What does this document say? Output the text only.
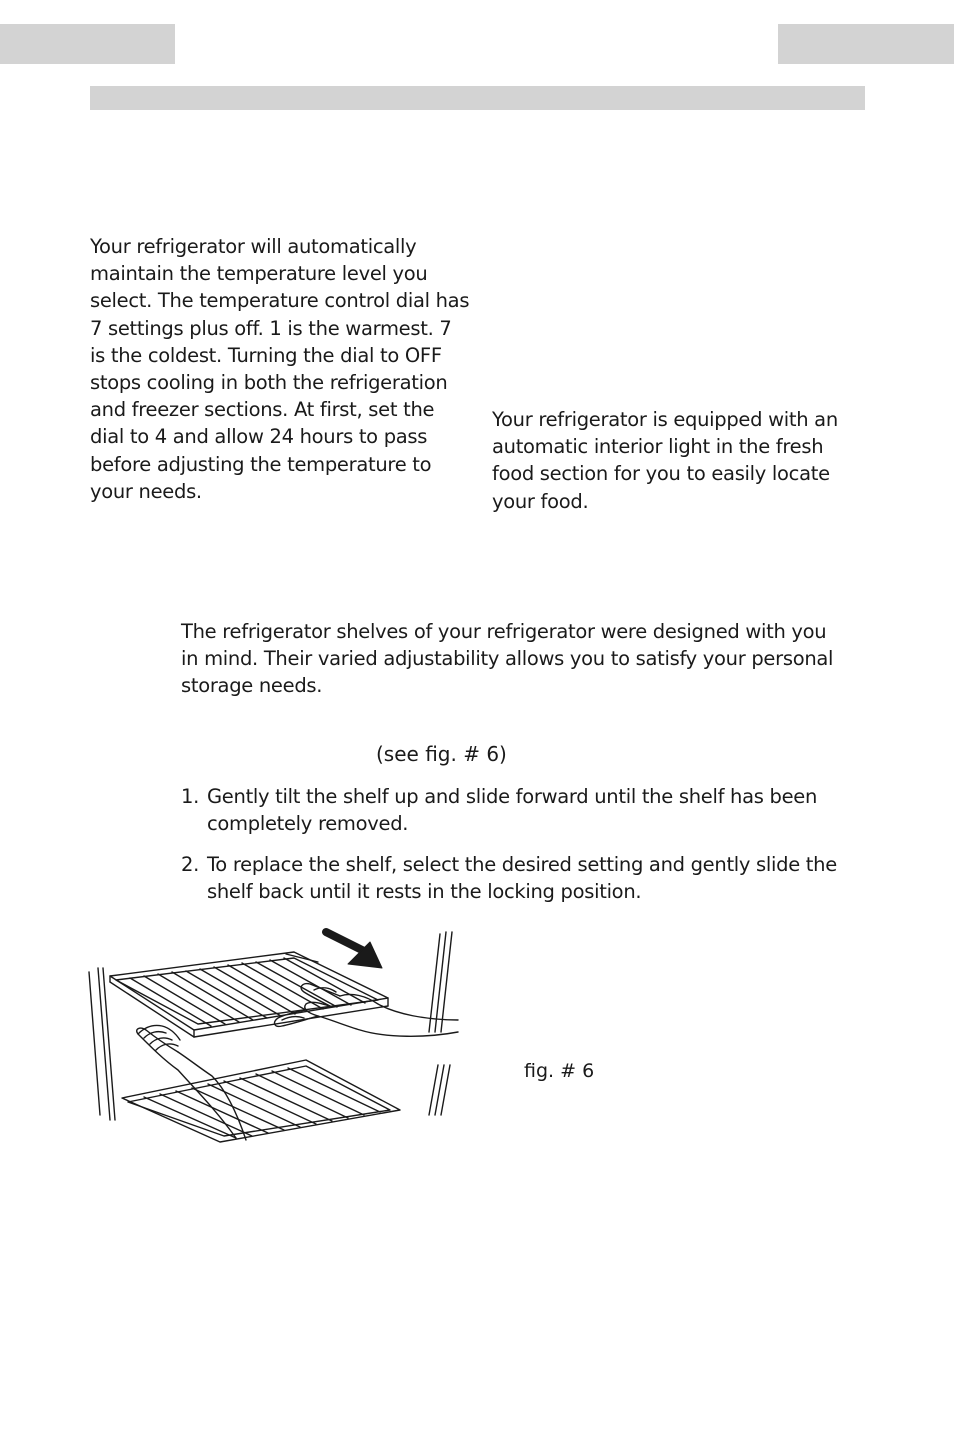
Your refrigerator will automatically maintain the temperature level you select. The temperature control dial has 7 settings plus off. 1 is the warmest. 7 is the coldest. Turning the dial to OFF stops cooling in both the refrigeration and freezer sections. At first, set the dial to 4 and allow 24 hours to pass before adjusting the temperature to your needs.

Your refrigerator is equipped with an automatic interior light in the fresh food section for you to easily locate your food.

The refrigerator shelves of your refrigerator were designed with you in mind. Their varied adjustability allows you to satisfy your personal storage needs.

(see fig. # 6)

1. Gently tilt the shelf up and slide forward until the shelf has been completely removed.
2. To replace the shelf, select the desired setting and gently slide the shelf back until it rests in the locking position.

fig. # 6
